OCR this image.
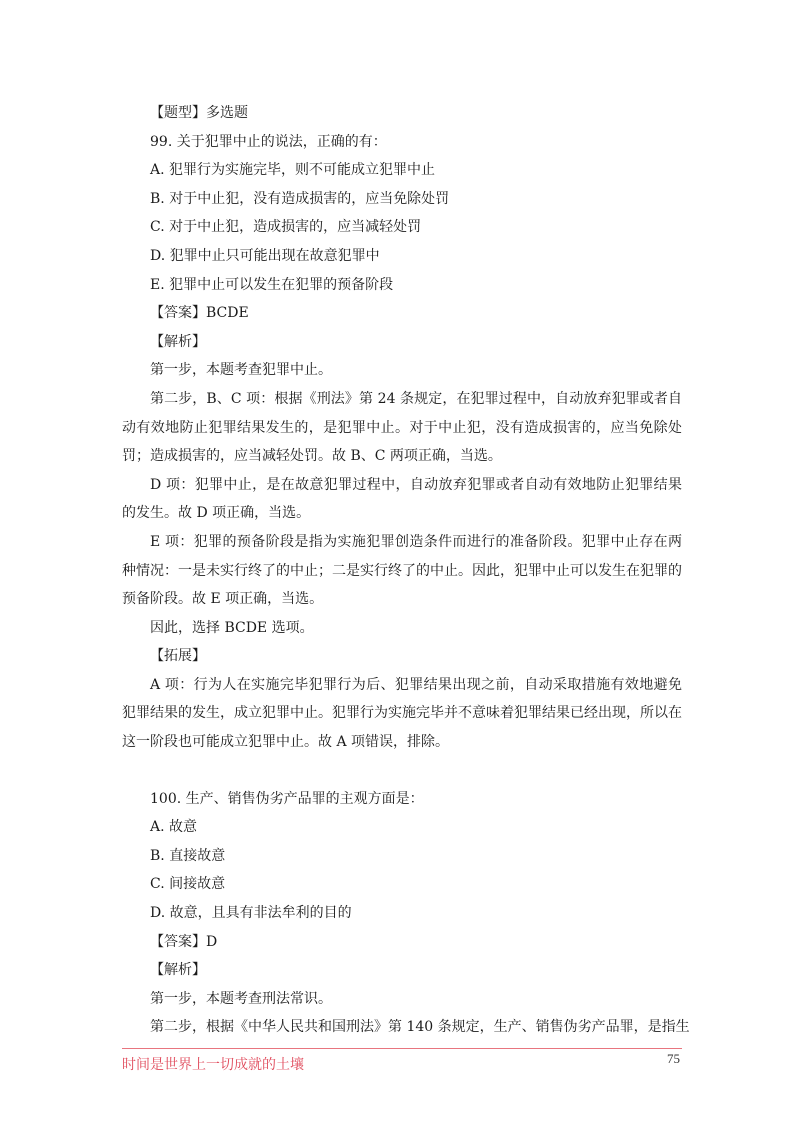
【题型】多选题
99. 关于犯罪中止的说法，正确的有：
A. 犯罪行为实施完毕，则不可能成立犯罪中止
B. 对于中止犯，没有造成损害的，应当免除处罚
C. 对于中止犯，造成损害的，应当减轻处罚
D. 犯罪中止只可能出现在故意犯罪中
E. 犯罪中止可以发生在犯罪的预备阶段
【答案】BCDE
【解析】
第一步，本题考查犯罪中止。
第二步，B、C 项：根据《刑法》第 24 条规定，在犯罪过程中，自动放弃犯罪或者自动有效地防止犯罪结果发生的，是犯罪中止。对于中止犯，没有造成损害的，应当免除处罚；造成损害的，应当减轻处罚。故 B、C 两项正确，当选。
D 项：犯罪中止，是在故意犯罪过程中，自动放弃犯罪或者自动有效地防止犯罪结果的发生。故 D 项正确，当选。
E 项：犯罪的预备阶段是指为实施犯罪创造条件而进行的准备阶段。犯罪中止存在两种情况：一是未实行终了的中止；二是实行终了的中止。因此，犯罪中止可以发生在犯罪的预备阶段。故 E 项正确，当选。
因此，选择 BCDE 选项。
【拓展】
A 项：行为人在实施完毕犯罪行为后、犯罪结果出现之前，自动采取措施有效地避免犯罪结果的发生，成立犯罪中止。犯罪行为实施完毕并不意味着犯罪结果已经出现，所以在这一阶段也可能成立犯罪中止。故 A 项错误，排除。
100. 生产、销售伪劣产品罪的主观方面是：
A. 故意
B. 直接故意
C. 间接故意
D. 故意，且具有非法牟利的目的
【答案】D
【解析】
第一步，本题考查刑法常识。
第二步，根据《中华人民共和国刑法》第 140 条规定，生产、销售伪劣产品罪，是指生
时间是世界上一切成就的土壤	75
